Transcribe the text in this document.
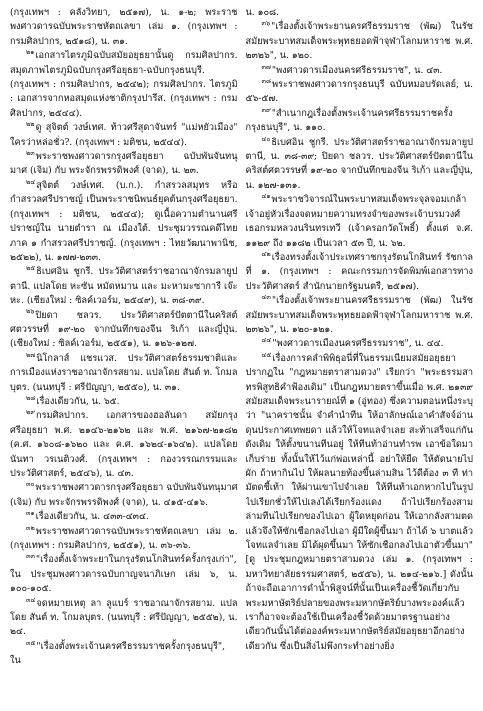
(กรุงเทพฯ : คลังวิทยา, ๒๕๑๗), น. ๑-๒; พระราชพงศาวดารฉบับพระราชหัตถเลขา เล่ม ๑. (กรุงเทพฯ : กรมศิลปากร, ๒๕๑๘), น. ๓๑.

$^{๒๑}$เอกสารไตรภูมิฉบับสมัยอยุธยานั้นดู กรมศิลปากร. สมุดภาพไตรภูมิฉบับกรุงศรีอยุธยา-ฉบับกรุงธนบุรี. (กรุงเทพฯ : กรมศิลปากร, ๒๕๔๒); กรมศิลปากร. ไตรภูมิ : เอกสารจากหอสมุดแห่งชาติกรุงปารีส. (กรุงเทพฯ : กรมศิลปากร, ๒๕๔๔).

$^{๒๒}$ดู สุจิตต์ วงษ์เทศ. ท้าวศรีสุดาจันทร์ "แม่หยัวเมือง" ใครว่าหล่อชั่ว?. (กรุงเทพฯ : มติชน, ๒๕๔๔).

$^{๒๓}$พระราชพงศาวดารกรุงศรีอยุธยา ฉบับพันจันทนุมาศ (เจิม) กับ พระจักรพรรดิพงศ์ (จาด), น. ๒๓.

$^{๒๔}$สุจิตต์ วงษ์เทศ. (บ.ก.). กำสรวลสมุทร หรือ กำสรวลศรีปราชญ์ เป็นพระราชนิพนธ์ยุคต้นกรุงศรีอยุธยา. (กรุงเทพฯ : มติชน, ๒๕๔๔); ดูเนื้อความตำนานศรีปราชญ์ใน นายตำรา ณ เมืองใต้. ประชุมวรรณคดีไทยภาค ๑ กำสรวลศรีปราชญ์. (กรุงเทพฯ : ไทยวัฒนาพานิช, ๒๕๒๒), น. ๑๗๗-๒๓๓.

$^{๒๕}$ธิเบศอิน ชูกรี. ประวัติศาสตร์ราชอาณาจักรมลายูปตานี. แปลโดย หะซัน หมัดหมาน และ มะหามะซาการี เจ๊ะหะ. (เชียงใหม่ : ซิลค์เวอร์ม, ๒๕๔๙), น. ๓๘-๓๙.

$^{๒๖}$ปิยดา ชลวร. ประวัติศาสตร์ปัตตานีในคริสต์ศตวรรษที่ ๑๙-๒๐ จากบันทึกของจีน ริเก้า และญี่ปุ่น. (เชียงใหม่ : ซิลค์เวอร์ม, ๒๕๕๑), น. ๑๒๖-๑๒๗.

$^{๒๗}$นิโกลาส์ แชรแวส. ประวัติศาสตร์ธรรมชาติและการเมืองแห่งราชอาณาจักรสยาม. แปลโดย สันต์ ท. โกมลบุตร. (นนทบุรี : ศรีปัญญา, ๒๕๕๐), น. ๓๑.

$^{๒๘}$เรื่องเดียวกัน, น. ๖๕.

$^{๒๙}$กรมศิลปากร. เอกสารของฮอลันดา สมัยกรุงศรีอยุธยา พ.ศ. ๒๑๔๖-๒๑๖๒ และ พ.ศ. ๒๑๖๗-๒๑๘๒ (ค.ศ. ๑๖๐๘-๑๖๒๐ และ ค.ศ. ๑๖๒๔-๑๖๔๒). แปลโดย นันทา วรเนติวงศ์. (กรุงเทพฯ : กองวรรณกรรมและประวัติศาสตร์, ๒๕๔๖), น. ๔๓.

$^{๓๐}$พระราชพงศาวดารกรุงศรีอยุธยา ฉบับพันจันทนุมาศ (เจิม) กับ พระจักรพรรดิพงศ์ (จาด), น. ๔๑๕-๔๑๖.

$^{๓๑}$เรื่องเดียวกัน, น. ๔๓๓-๔๓๔.

$^{๓๒}$พระราชพงศาวดารฉบับพระราชหัตถเลขา เล่ม ๒. (กรุงเทพฯ : กรมศิลปากร, ๒๕๕๑), น. ๓๖-๓๖.

$^{๓๓}$"เรื่องตั้งเจ้าพระยาในกรุงรัตนโกสินทร์ครั้งกรุงเก่า", ใน ประชุมพงศาวดารฉบับกาญจนาภิเษก เล่ม ๖, น. ๑๐๐-๑๐๕.

$^{๓๔}$จดหมายเหตุ ลา ลูแบร์ ราชอาณาจักรสยาม. แปลโดย สันต์ ท. โกมลบุตร. (นนทบุรี : ศรีปัญญา, ๒๕๕๒), น. ๒๔.

$^{๓๕}$"เรื่องตั้งพระเจ้านครศรีธรรมราชครั้งกรุงธนบุรี", ใน

น. ๑๐๘.

$^{๓๖}$"เรื่องตั้งเจ้าพระยานครศรีธรรมราช (พัฒ) ในรัชสมัยพระบาทสมเด็จพระพุทธยอดฟ้าจุฬาโลกมหาราช พ.ศ. ๒๓๒๖", น. ๑๒๐.

$^{๓๗}$"พงศาวดารเมืองนครศรีธรรมราช", น. ๔๓.

$^{๓๘}$พระราชพงศาวดารกรุงธนบุรี ฉบับหมอบรัดเลย์, น. ๕๖-๕๗.

$^{๓๙}$"สำเนากฎเรื่องตั้งพระเจ้านครศรีธรรมราชครั้งกรุงธนบุรี", น. ๑๑๐.

$^{๔๐}$ธิเบศอิน ชูกรี. ประวัติศาสตร์ราชอาณาจักรมลายูปตานี, น. ๓๘-๓๙; ปิยดา ชลวร. ประวัติศาสตร์ปัตตานีในคริสต์ศตวรรษที่ ๑๙-๒๐ จากบันทึกของจีน ริเก้า และญี่ปุ่น, น. ๑๒๗-๑๓๑.

$^{๔๑}$พระราชวิจารณ์ในพระบาทสมเด็จพระจุลจอมเกล้าเจ้าอยู่หัวเรื่องจดหมายความทรงจำของพระเจ้าบรมวงศ์เธอกรมหลวงนรินทรเทวี (เจ้าครอกวัดโพธิ์) ตั้งแต่ จ.ศ. ๑๑๒๙ ถึง ๑๑๘๒ เป็นเวลา ๕๓ ปี, น. ๖๒.

$^{๔๒}$เรื่องทรงตั้งเจ้าประเทศราชกรุงรัตนโกสินทร์ รัชกาลที่ ๑. (กรุงเทพฯ : คณะกรรมการจัดพิมพ์เอกสารทางประวัติศาสตร์ สำนักนายกรัฐมนตรี, ๒๕๑๗).

$^{๔๓}$"เรื่องตั้งเจ้าพระยานครศรีธรรมราช (พัฒ) ในรัชสมัยพระบาทสมเด็จพระพุทธยอดฟ้าจุฬาโลกมหาราช พ.ศ. ๒๓๒๖", น. ๑๒๐-๑๒๑.

$^{๔๔}$"พงศาวดารเมืองนครศรีธรรมราช", น. ๔๔.

$^{๔๕}$เรื่องการคลำพิพิธุอนี่ที่ในธรรมเนียมสมัยอยุธยาปรากฏใน "กฎหมายตราสามดวง" เรียกว่า "พระธรรมสาทรพิสูทธิคำฟ้องเดิม" เป็นกฎหมายตราขึ้นเมื่อ พ.ศ. ๒๑๓๙ สมัยสมเด็จพระนารายณ์ที่ ๑ (อู่ทอง) ซึ่งความตอนหนึ่งระบุว่า "นาคราชนั้น จำคำนำทีน ให้อาลักษณ์เอาคำสัจจ์อ่านดุนประกาศเทพยดา แล้วให้โจทแลจำเลย สะท้าเสร็จแก่กันดังเดิม ให้ตั้งขนานทีนอยู่ ให้ทีนท้าอ่านทำรพ เอาข้อใดมาเก็บร่าย ทั้งนั้นให้ไว้แก่พ่อเหล่านี้ อย่าให้ยืด ให้ตัดนายไปผัก ถ้าหากินไป ให้ผลนายท้องขึ้นล่ามสิน ไว้ดีต้อง ๓ ที ท่ามัตดชี้เท้า ให้ผ่านเขาไปจำเลย ให้ทีนท้าเอกหากไปในรูป ไปเรียกชั่วให้ไปเลงได้เรียกร้องแดง ถ้าไปเรียกร้องสามล่ามทีนไปเรียกของไปเอา ผู้ใดหยุดก่อน ให้เอากลังสามตด แล้วจึงให้ซักเชือกลงไปเอา ผู้มีใดผู้ขึ้นมา ถ้าได้ ๖ บาตแล้วโจทแลจำเลย มิได้ผุดขึ้นมา ให้ซักเชือกลงไปเอาตัวขึ้นมา" [ดู ประชุมกฎหมายตราสามดวง เล่ม ๑. (กรุงเทพฯ : มหาวิทยาลัยธรรมศาสตร์, ๒๕๕๖), น. ๒๑๔-๒๑๖.] ดังนั้น ถ้าจะถือเอาการดำน้ำพิสูจน์ที่นั้นเป็นเครื่องชี้วัดเกี่ยวกับพระมหาษัตริย์ปลายของพระมหากษัตริย์บางพระองค์แล้ว เราก็อาจจะต้องใช้เป็นเครื่องชี้วัดด้วยมาตรฐานอย่างเดียวกันนั้นได้ต่อองค์พระมหากษัตริย์สมัยอยุธยาอีกอย่างเดียวกัน ซึ่งเป็นสิ่งไม่พึงกระทำอย่างยิ่ง
